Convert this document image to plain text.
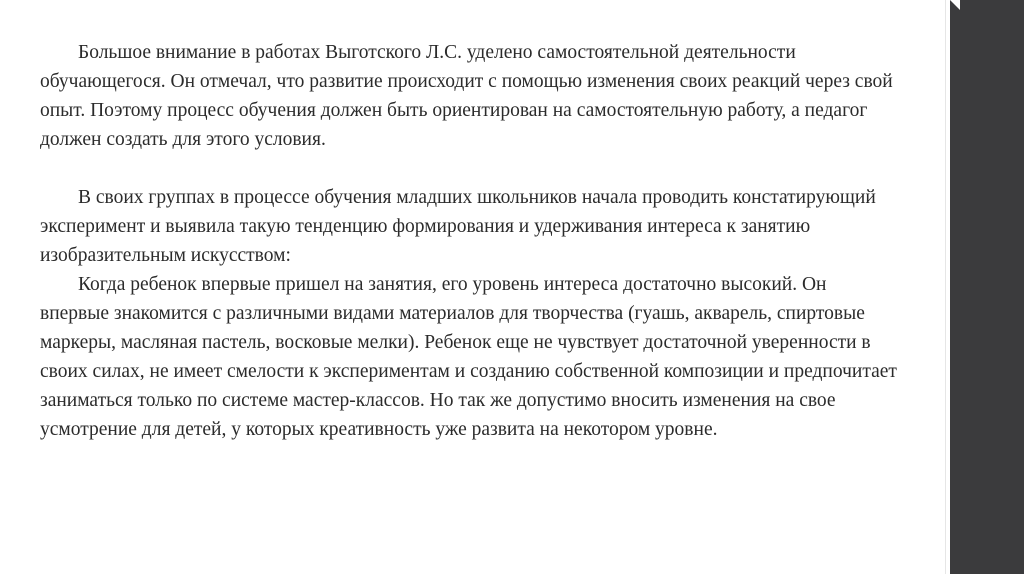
Большое внимание в работах Выготского Л.С. уделено самостоятельной деятельности обучающегося. Он отмечал, что развитие происходит с помощью изменения своих реакций через свой опыт. Поэтому процесс обучения должен быть ориентирован на самостоятельную работу, а педагог должен создать для этого условия.

В своих группах в процессе обучения младших школьников начала проводить констатирующий эксперимент и выявила такую тенденцию формирования и удерживания интереса к занятию изобразительным искусством:

Когда ребенок впервые пришел на занятия, его уровень интереса достаточно высокий. Он впервые знакомится с различными видами материалов для творчества (гуашь, акварель, спиртовые маркеры, масляная пастель, восковые мелки). Ребенок еще не чувствует достаточной уверенности в своих силах, не имеет смелости к экспериментам и созданию собственной композиции и предпочитает заниматься только по системе мастер-классов. Но так же допустимо вносить изменения на свое усмотрение для детей, у которых креативность уже развита на некотором уровне.
